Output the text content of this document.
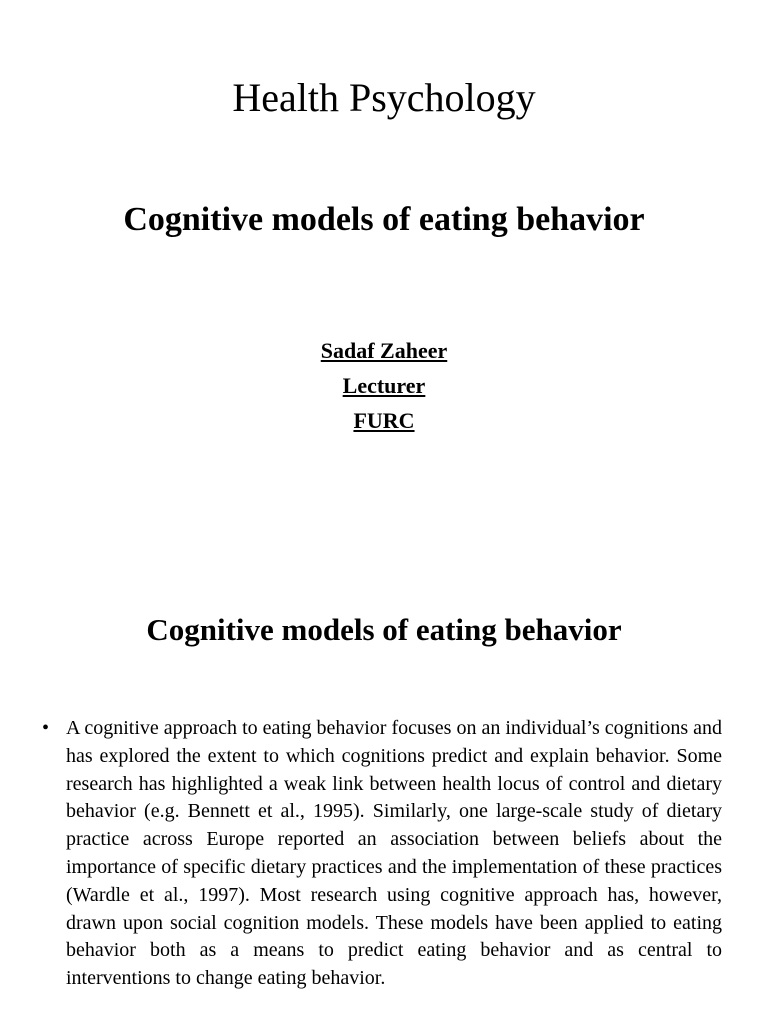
Health Psychology
Cognitive models of eating behavior
Sadaf Zaheer
Lecturer
FURC
Cognitive models of eating behavior
• A cognitive approach to eating behavior focuses on an individual’s cognitions and has explored the extent to which cognitions predict and explain behavior. Some research has highlighted a weak link between health locus of control and dietary behavior (e.g. Bennett et al., 1995). Similarly, one large-scale study of dietary practice across Europe reported an association between beliefs about the importance of specific dietary practices and the implementation of these practices (Wardle et al., 1997). Most research using cognitive approach has, however, drawn upon social cognition models. These models have been applied to eating behavior both as a means to predict eating behavior and as central to interventions to change eating behavior.
